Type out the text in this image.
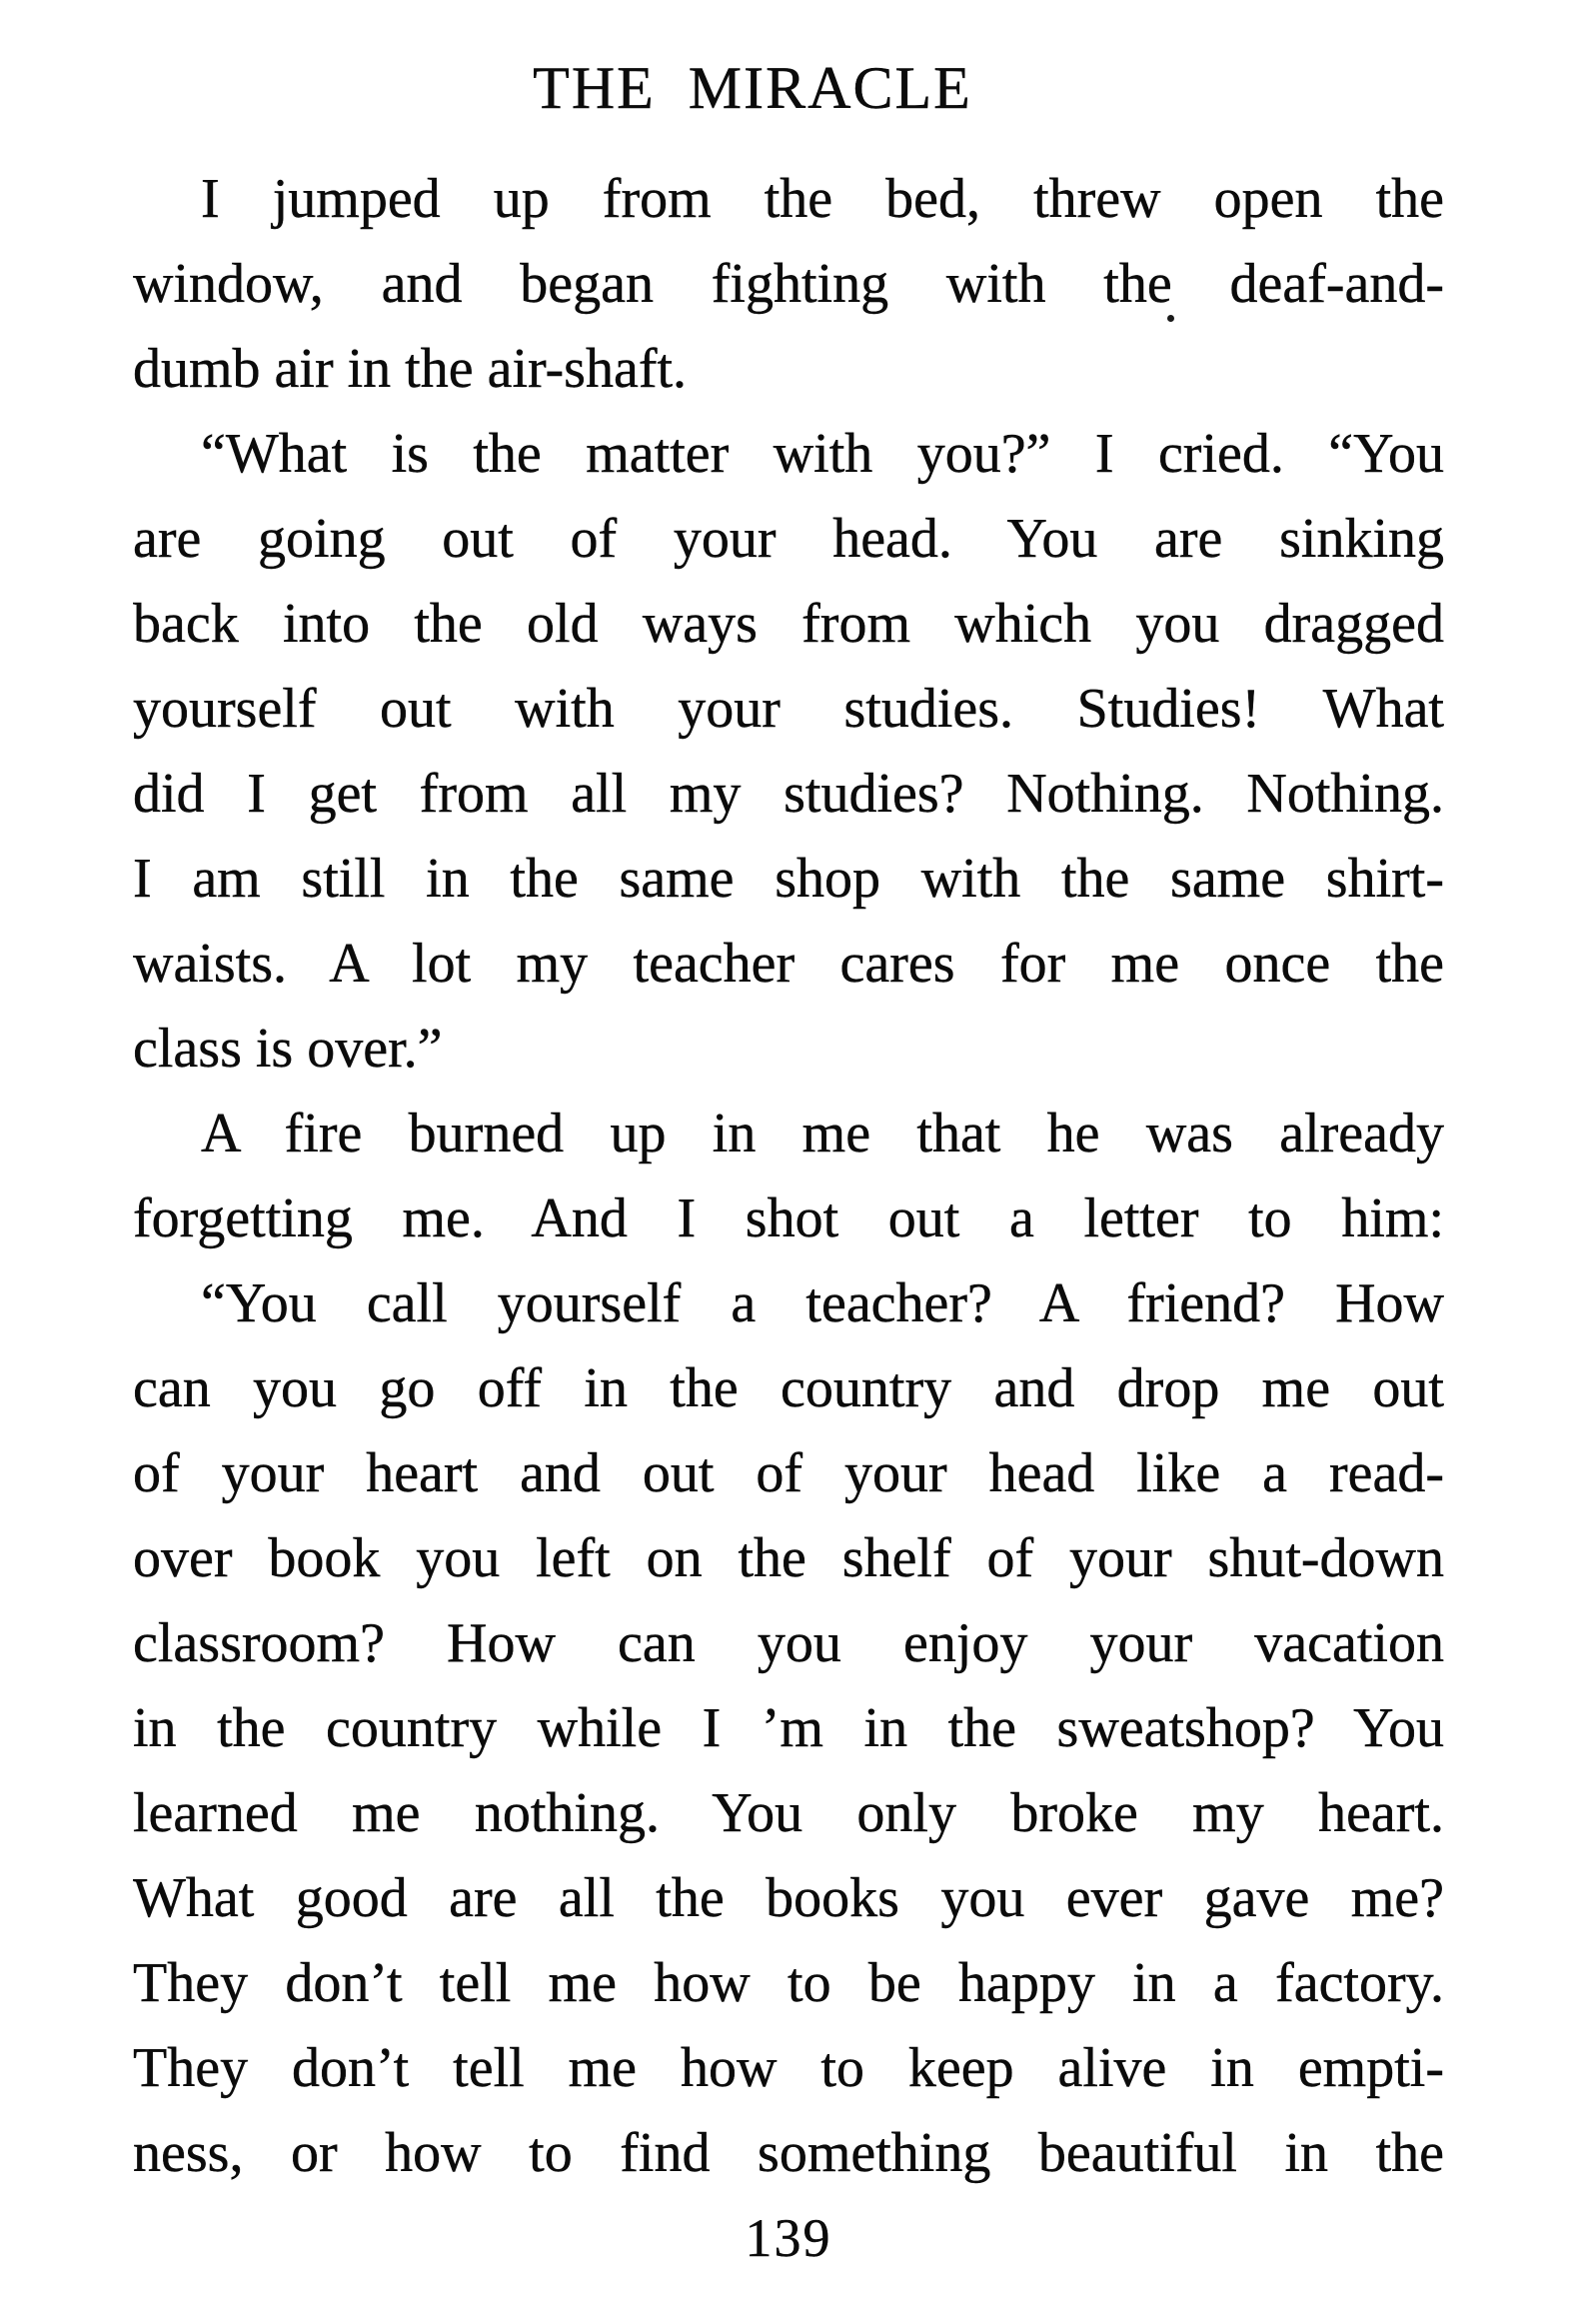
THE MIRACLE
I jumped up from the bed, threw open the
window, and began fighting with the deaf-and-
dumb air in the air-shaft.
“What is the matter with you?” I cried. “You
are going out of your head. You are sinking
back into the old ways from which you dragged
yourself out with your studies. Studies! What
did I get from all my studies? Nothing. Nothing.
I am still in the same shop with the same shirt-
waists. A lot my teacher cares for me once the
class is over.”
A fire burned up in me that he was already
forgetting me. And I shot out a letter to him:
“You call yourself a teacher? A friend? How
can you go off in the country and drop me out
of your heart and out of your head like a read-
over book you left on the shelf of your shut-down
classroom? How can you enjoy your vacation
in the country while I ’m in the sweatshop? You
learned me nothing. You only broke my heart.
What good are all the books you ever gave me?
They don’t tell me how to be happy in a factory.
They don’t tell me how to keep alive in empti-
ness, or how to find something beautiful in the
139
